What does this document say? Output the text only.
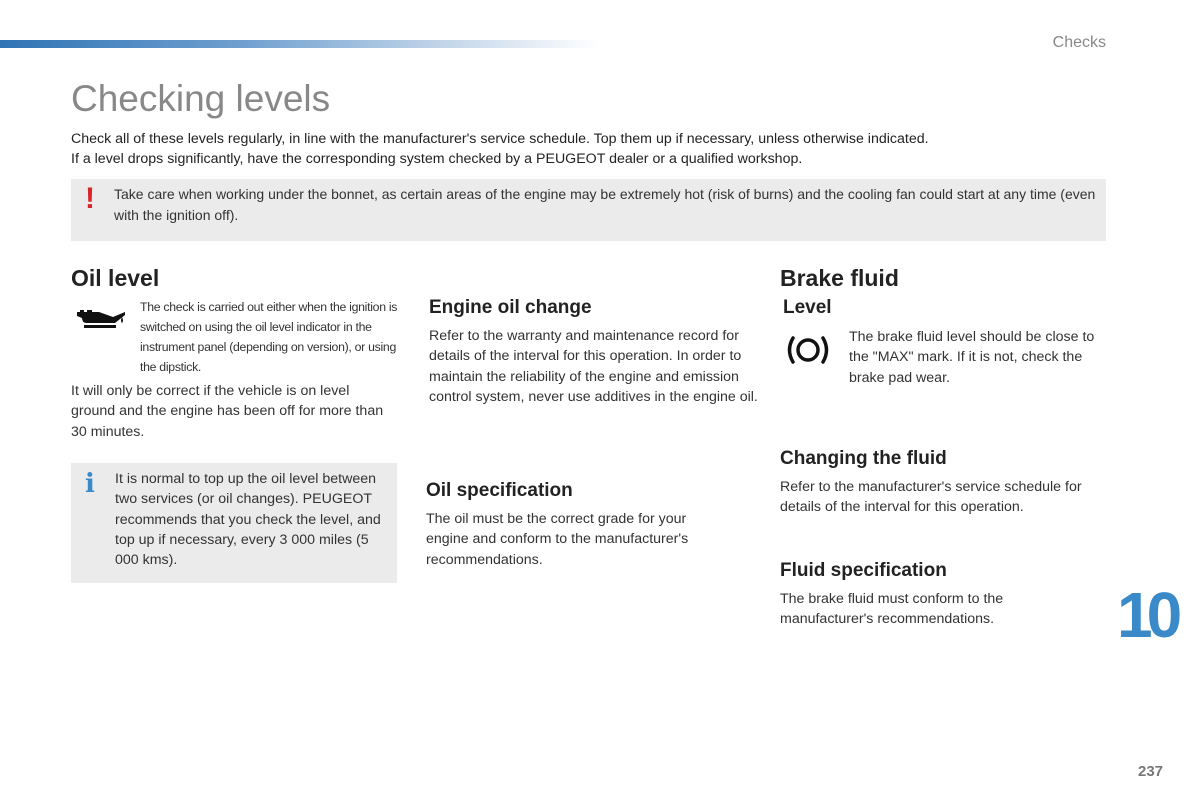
Checks
Checking levels

Check all of these levels regularly, in line with the manufacturer's service schedule. Top them up if necessary, unless otherwise indicated.

If a level drops significantly, have the corresponding system checked by a PEUGEOT dealer or a qualified workshop.

! Take care when working under the bonnet, as certain areas of the engine may be extremely hot (risk of burns) and the cooling fan could start at any time (even with the ignition off).
Oil level
The check is carried out either when the ignition is switched on using the oil level indicator in the instrument panel (depending on version), or using the dipstick.

It will only be correct if the vehicle is on level ground and the engine has been off for more than 30 minutes.

i It is normal to top up the oil level between two services (or oil changes). PEUGEOT recommends that you check the level, and top up if necessary, every 3 000 miles (5 000 kms).
Engine oil change

Refer to the warranty and maintenance record for details of the interval for this operation. In order to maintain the reliability of the engine and emission control system, never use additives in the engine oil.

Oil specification

The oil must be the correct grade for your engine and conform to the manufacturer's recommendations.

Brake fluid
Level

The brake fluid level should be close to the "MAX" mark. If it is not, check the brake pad wear.

Changing the fluid

Refer to the manufacturer's service schedule for details of the interval for this operation.

Fluid specification

The brake fluid must conform to the manufacturer's recommendations.	10
237
